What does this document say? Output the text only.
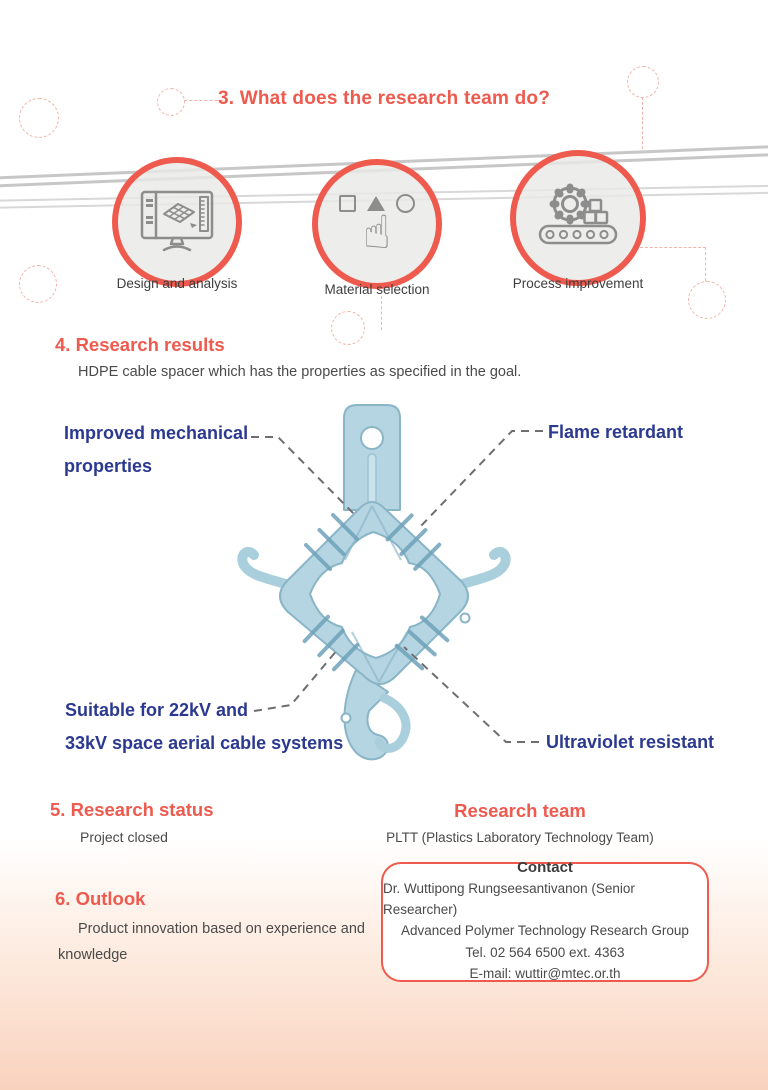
3. What does the research team do?
Design and analysis
☝
Material selection	Process improvement
4. Research results
HDPE cable spacer which has the properties as specified in the goal.
Improved mechanical
properties
Flame retardant
Suitable for 22kV and
33kV space aerial cable systems	Ultraviolet resistant
5. Research status
Project closed
Research team
PLTT (Plastics Laboratory Technology Team)
6. Outlook
Product innovation based on experience and knowledge
Contact
Dr. Wuttipong Rungseesantivanon (Senior Researcher)
Advanced Polymer Technology Research Group
Tel. 02 564 6500 ext. 4363
E-mail: wuttir@mtec.or.th
